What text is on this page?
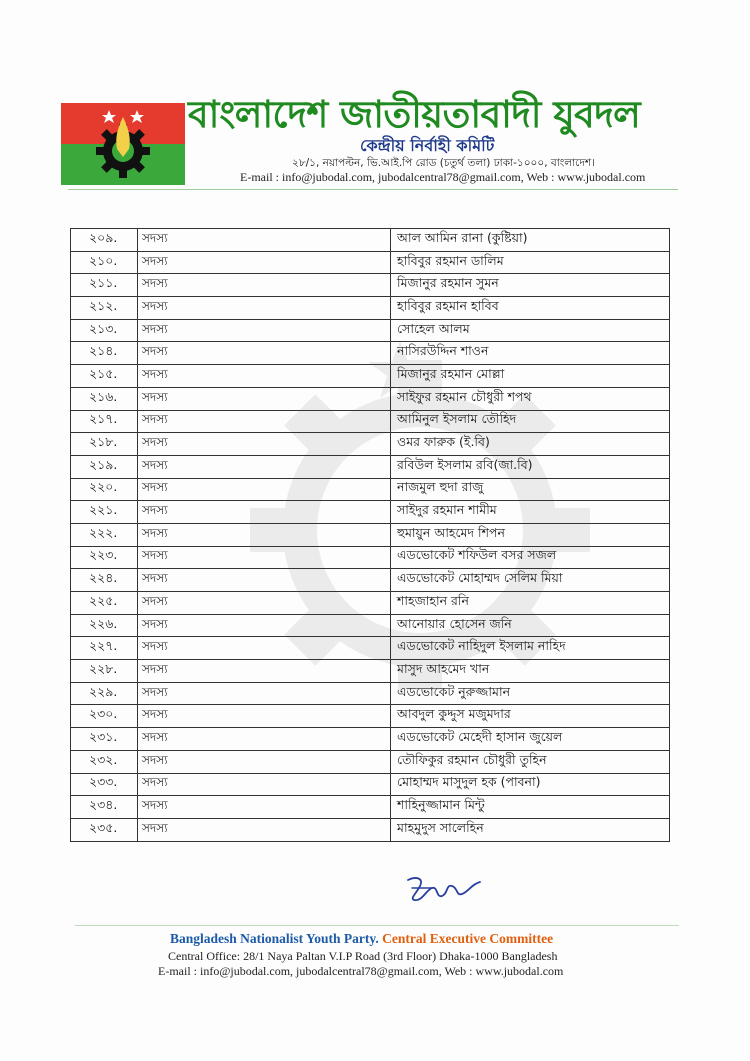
বাংলাদেশ জাতীয়তাবাদী যুবদল
কেন্দ্রীয় নির্বাহী কমিটি
২৮/১, নয়াপল্টন, ভি.আই.পি রোড (চতুর্থ তলা) ঢাকা-১০০০, বাংলাদেশ।
E-mail : info@jubodal.com, jubodalcentral78@gmail.com, Web : www.jubodal.com
২০৯.	সদস্য	আল আমিন রানা (কুষ্টিয়া)
২১০.	সদস্য	হাবিবুর রহমান ডালিম
২১১.	সদস্য	মিজানুর রহমান সুমন
২১২.	সদস্য	হাবিবুর রহমান হাবিব
২১৩.	সদস্য	সোহেল আলম
২১৪.	সদস্য	নাসিরউদ্দিন শাওন
২১৫.	সদস্য	মিজানুর রহমান মোল্লা
২১৬.	সদস্য	সাইফুর রহমান চৌধুরী শপথ
২১৭.	সদস্য	আমিনুল ইসলাম তৌহিদ
২১৮.	সদস্য	ওমর ফারুক (ই.বি)
২১৯.	সদস্য	রবিউল ইসলাম রবি(জা.বি)
২২০.	সদস্য	নাজমুল হুদা রাজু
২২১.	সদস্য	সাইদুর রহমান শামীম
২২২.	সদস্য	হুমায়ুন আহমেদ শিপন
২২৩.	সদস্য	এডভোকেট শফিউল বসর সজল
২২৪.	সদস্য	এডভোকেট মোহাম্মদ সেলিম মিয়া
২২৫.	সদস্য	শাহজাহান রনি
২২৬.	সদস্য	আনোয়ার হোসেন জনি
২২৭.	সদস্য	এডভোকেট নাহিদুল ইসলাম নাহিদ
২২৮.	সদস্য	মাসুদ আহমেদ খান
২২৯.	সদস্য	এডভোকেট নুরুজ্জামান
২৩০.	সদস্য	আবদুল কুদ্দুস মজুমদার
২৩১.	সদস্য	এডভোকেট মেহেদী হাসান জুয়েল
২৩২.	সদস্য	তৌফিকুর রহমান চৌধুরী তুহিন
২৩৩.	সদস্য	মোহাম্মদ মাসুদুল হক (পাবনা)
২৩৪.	সদস্য	শাহিনুজ্জামান মিন্টু
২৩৫.	সদস্য	মাহমুদুস সালেহিন
Bangladesh Nationalist Youth Party. Central Executive Committee
Central Office: 28/1 Naya Paltan V.I.P Road (3rd Floor) Dhaka-1000 Bangladesh
E-mail : info@jubodal.com, jubodalcentral78@gmail.com, Web : www.jubodal.com
